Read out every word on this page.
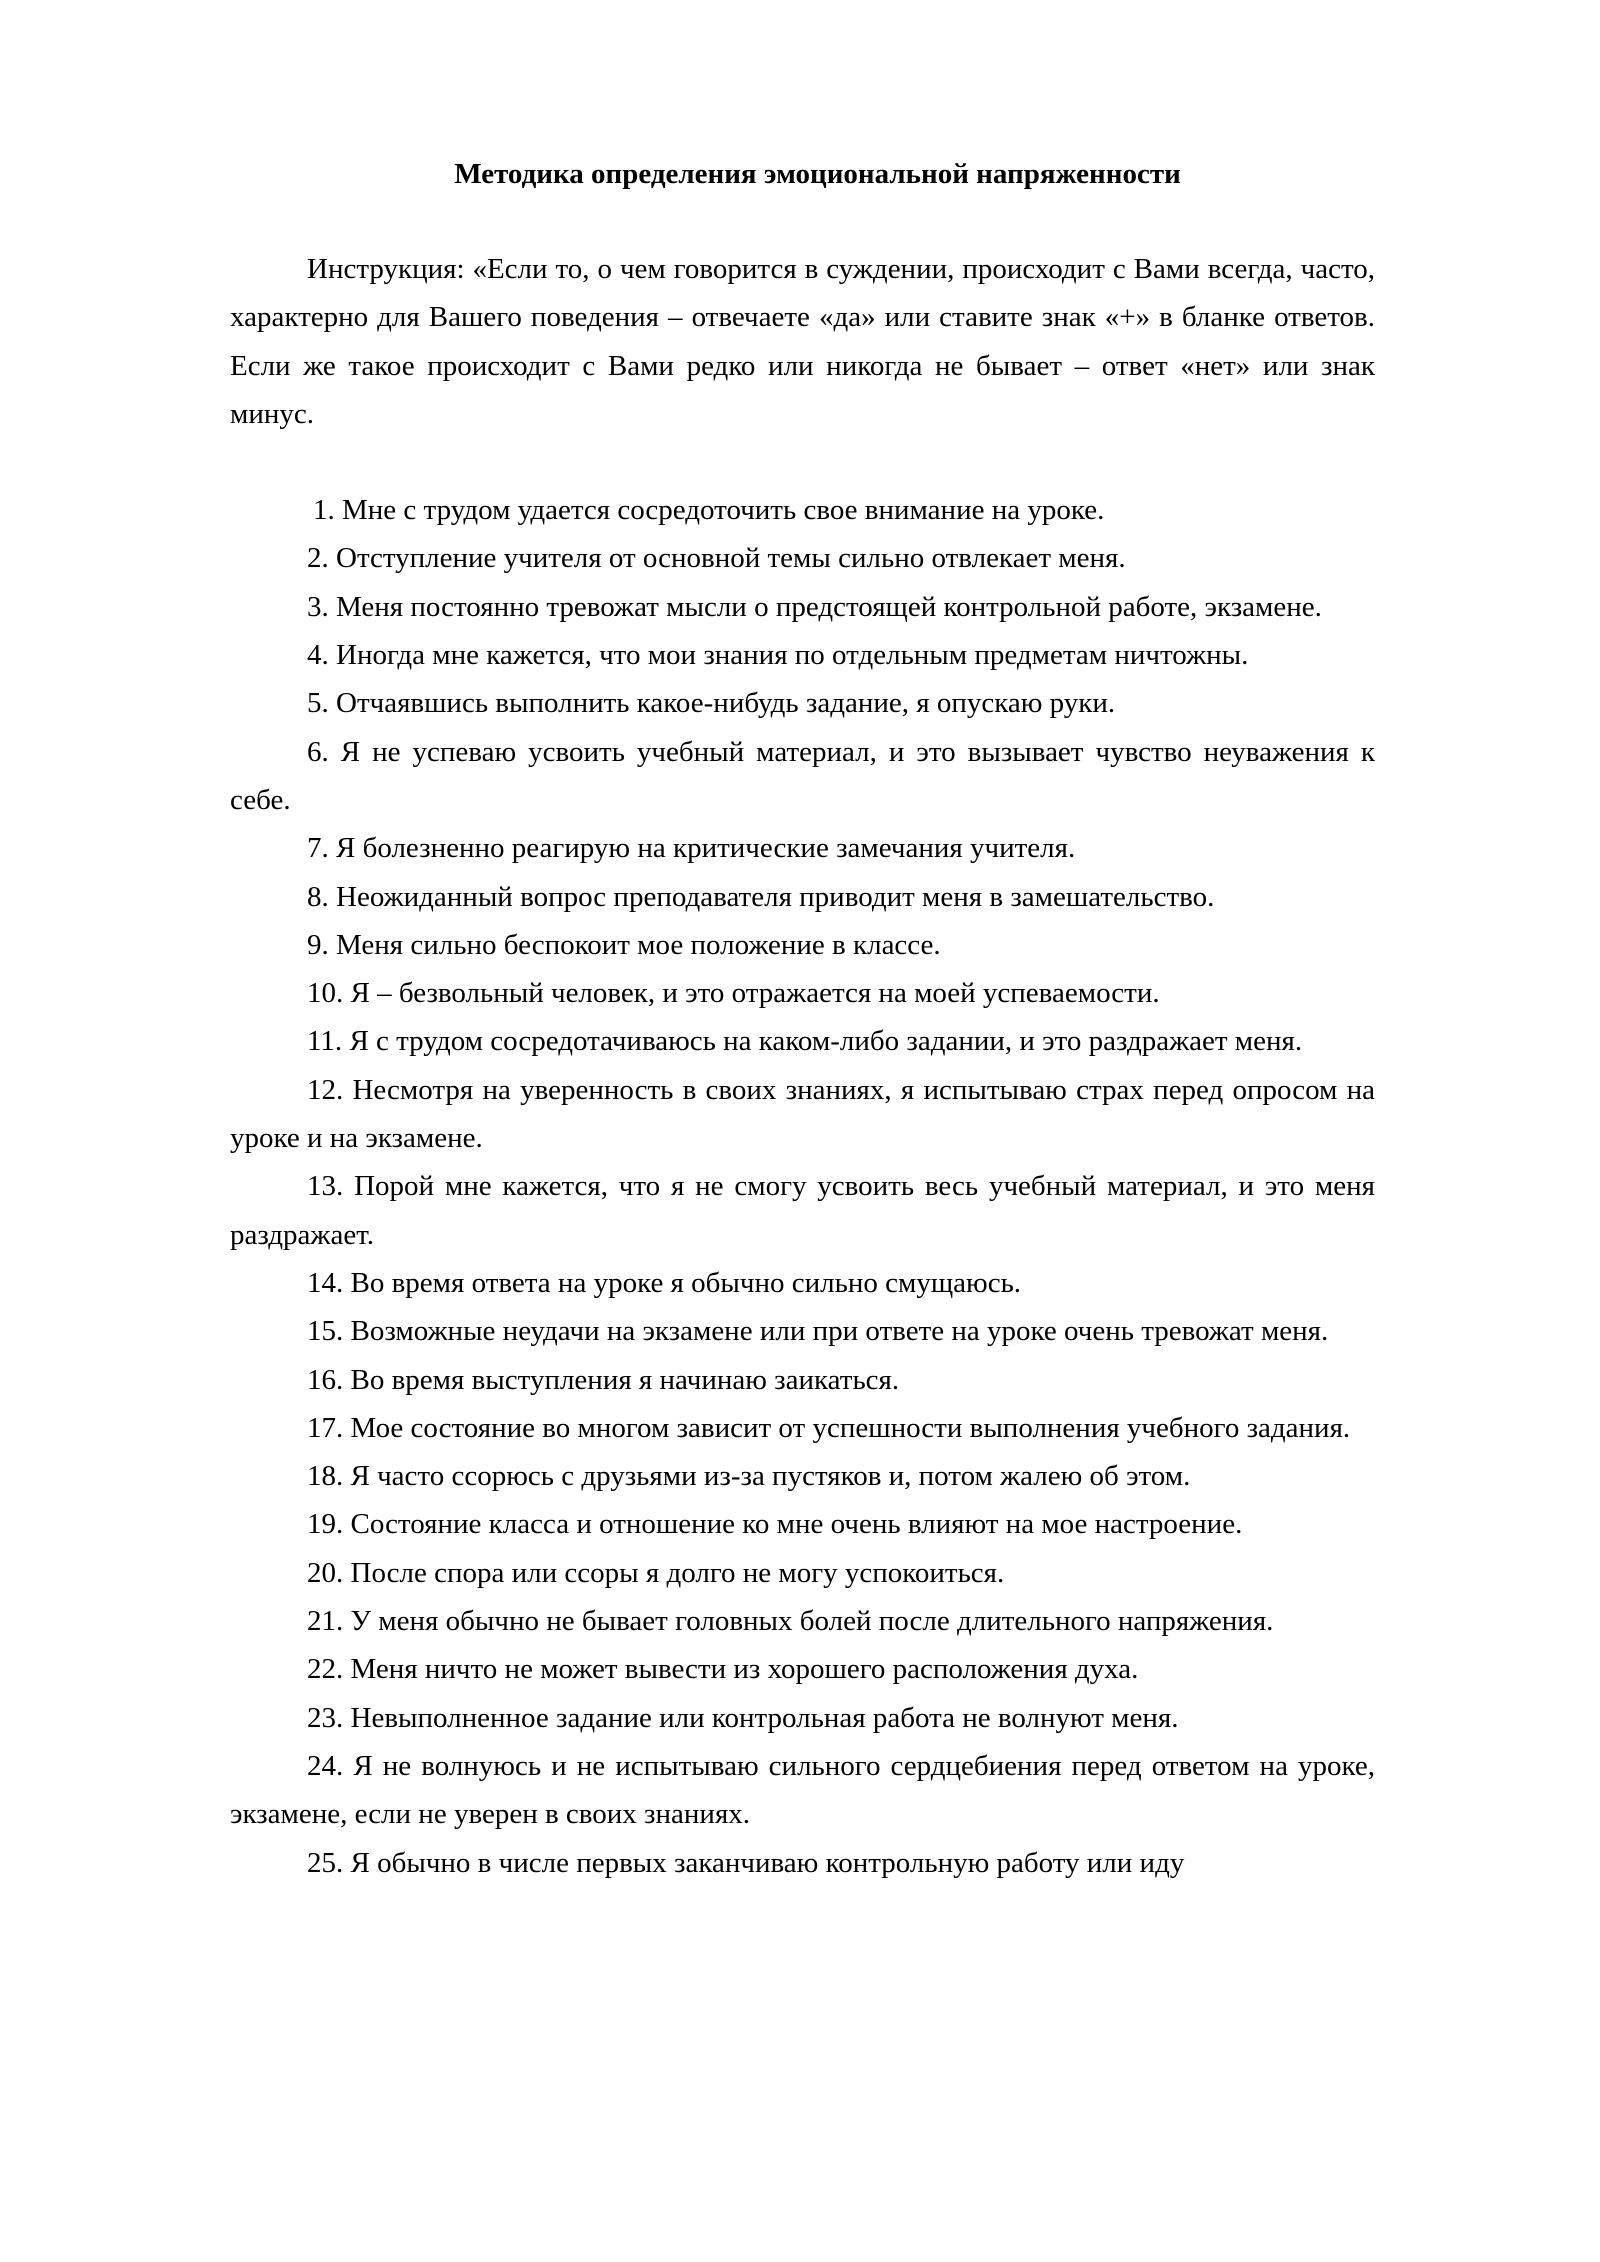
Методика определения эмоциональной напряженности

Инструкция: «Если то, о чем говорится в суждении, происходит с Вами всегда, часто, характерно для Вашего поведения – отвечаете «да» или ставите знак «+» в бланке ответов. Если же такое происходит с Вами редко или никогда не бывает – ответ «нет» или знак минус.

1. Мне с трудом удается сосредоточить свое внимание на уроке.

2. Отступление учителя от основной темы сильно отвлекает меня.

3. Меня постоянно тревожат мысли о предстоящей контрольной работе, экзамене.

4. Иногда мне кажется, что мои знания по отдельным предметам ничтожны.

5. Отчаявшись выполнить какое-нибудь задание, я опускаю руки.

6. Я не успеваю усвоить учебный материал, и это вызывает чувство неуважения к себе.

7. Я болезненно реагирую на критические замечания учителя.

8. Неожиданный вопрос преподавателя приводит меня в замешательство.

9. Меня сильно беспокоит мое положение в классе.

10. Я – безвольный человек, и это отражается на моей успеваемости.

11. Я с трудом сосредотачиваюсь на каком-либо задании, и это раздражает меня.

12. Несмотря на уверенность в своих знаниях, я испытываю страх перед опросом на уроке и на экзамене.

13. Порой мне кажется, что я не смогу усвоить весь учебный материал, и это меня раздражает.

14. Во время ответа на уроке я обычно сильно смущаюсь.

15. Возможные неудачи на экзамене или при ответе на уроке очень тревожат меня.

16. Во время выступления я начинаю заикаться.

17. Мое состояние во многом зависит от успешности выполнения учебного задания.

18. Я часто ссорюсь с друзьями из-за пустяков и, потом жалею об этом.

19. Состояние класса и отношение ко мне очень влияют на мое настроение.

20. После спора или ссоры я долго не могу успокоиться.

21. У меня обычно не бывает головных болей после длительного напряжения.

22. Меня ничто не может вывести из хорошего расположения духа.

23. Невыполненное задание или контрольная работа не волнуют меня.

24. Я не волнуюсь и не испытываю сильного сердцебиения перед ответом на уроке, экзамене, если не уверен в своих знаниях.

25. Я обычно в числе первых заканчиваю контрольную работу или иду
